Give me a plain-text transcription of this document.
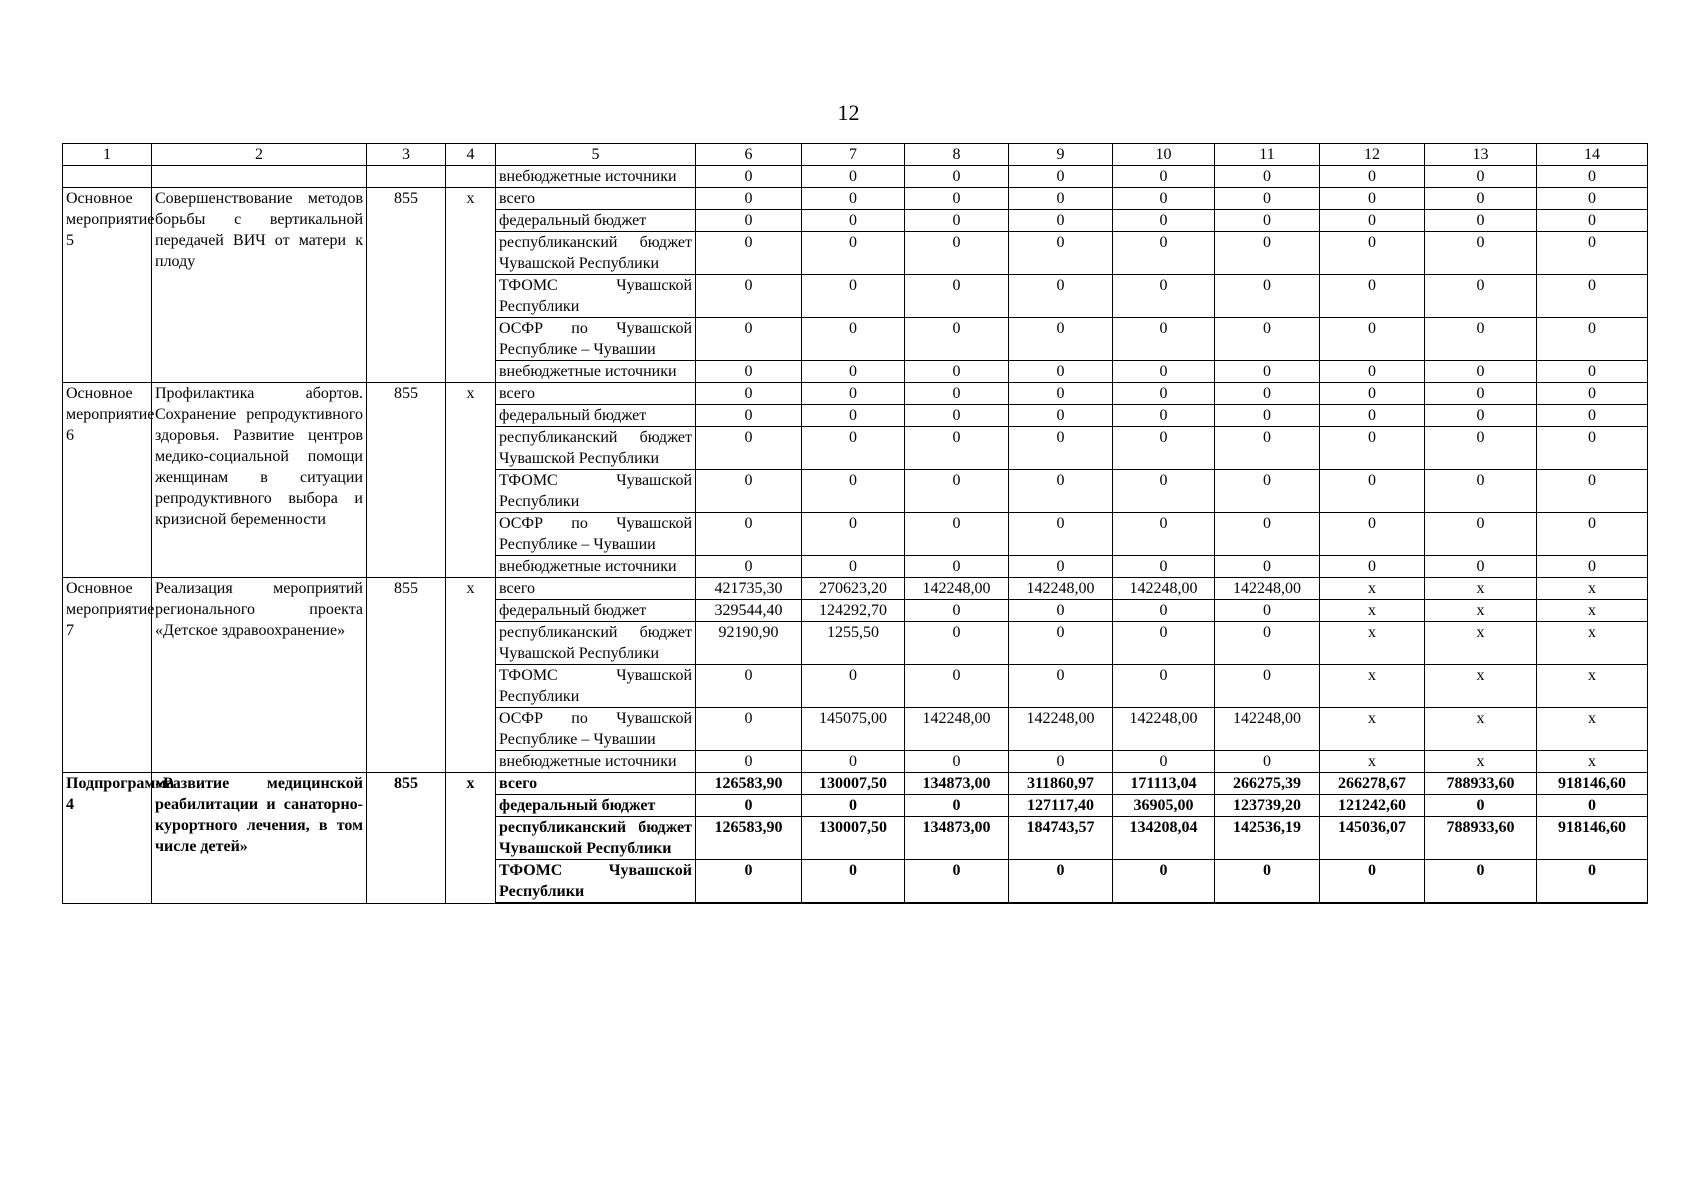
12
1	2	3	4	5	6	7	8	9	10	11	12	13	14
				внебюджетные источники	0	0	0	0	0	0	0	0	0
Основное мероприятие 5	Совершенствование методов борьбы с вертикальной передачей ВИЧ от матери к плоду	855	х	всего	0	0	0	0	0	0	0	0	0
				федеральный бюджет	0	0	0	0	0	0	0	0	0
				республиканский бюджет Чувашской Республики	0	0	0	0	0	0	0	0	0
				ТФОМС Чувашской Республики	0	0	0	0	0	0	0	0	0
				ОСФР по Чувашской Республике – Чувашии	0	0	0	0	0	0	0	0	0
				внебюджетные источники	0	0	0	0	0	0	0	0	0
Основное мероприятие 6	Профилактика абортов. Сохранение репродуктивного здоровья. Развитие центров медико-социальной помощи женщинам в ситуации репродуктивного выбора и кризисной беременности	855	х	всего	0	0	0	0	0	0	0	0	0
				федеральный бюджет	0	0	0	0	0	0	0	0	0
				республиканский бюджет Чувашской Республики	0	0	0	0	0	0	0	0	0
				ТФОМС Чувашской Республики	0	0	0	0	0	0	0	0	0
				ОСФР по Чувашской Республике – Чувашии	0	0	0	0	0	0	0	0	0
				внебюджетные источники	0	0	0	0	0	0	0	0	0
Основное мероприятие 7	Реализация мероприятий регионального проекта «Детское здравоохранение»	855	х	всего	421735,30	270623,20	142248,00	142248,00	142248,00	142248,00	х	х	х
				федеральный бюджет	329544,40	124292,70	0	0	0	0	х	х	х
				республиканский бюджет Чувашской Республики	92190,90	1255,50	0	0	0	0	х	х	х
				ТФОМС Чувашской Республики	0	0	0	0	0	0	х	х	х
				ОСФР по Чувашской Республике – Чувашии	0	145075,00	142248,00	142248,00	142248,00	142248,00	х	х	х
				внебюджетные источники	0	0	0	0	0	0	х	х	х
Подпрограмма 4	«Развитие медицинской реабилитации и санаторно-курортного лечения, в том числе детей»	855	х	всего	126583,90	130007,50	134873,00	311860,97	171113,04	266275,39	266278,67	788933,60	918146,60
				федеральный бюджет	0	0	0	127117,40	36905,00	123739,20	121242,60	0	0
				республиканский бюджет Чувашской Республики	126583,90	130007,50	134873,00	184743,57	134208,04	142536,19	145036,07	788933,60	918146,60
				ТФОМС Чувашской Республики	0	0	0	0	0	0	0	0	0
